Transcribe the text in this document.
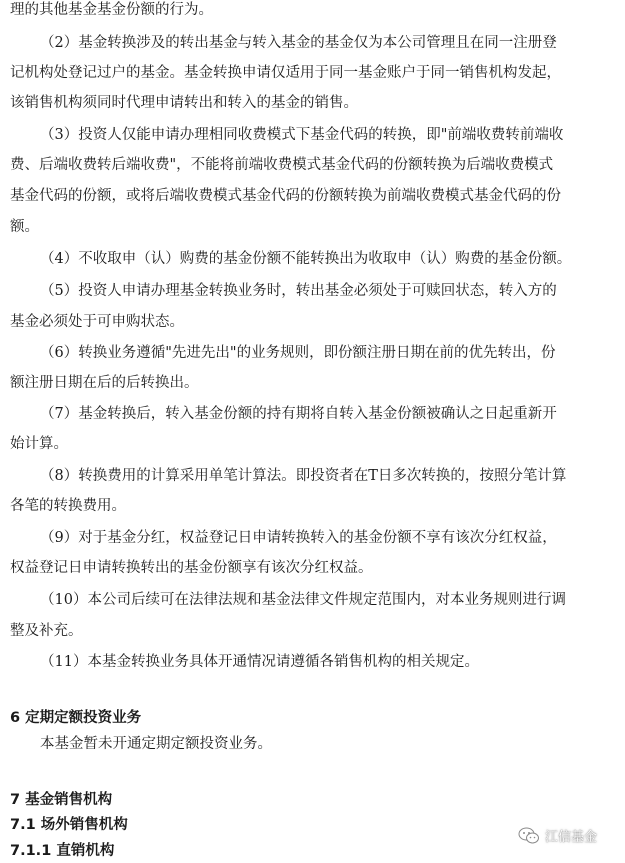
理的其他基金基金份额的行为。
（2）基金转换涉及的转出基金与转入基金的基金仅为本公司管理且在同一注册登
记机构处登记过户的基金。基金转换申请仅适用于同一基金账户于同一销售机构发起，
该销售机构须同时代理申请转出和转入的基金的销售。
（3）投资人仅能申请办理相同收费模式下基金代码的转换，即"前端收费转前端收
费、后端收费转后端收费"，不能将前端收费模式基金代码的份额转换为后端收费模式
基金代码的份额，或将后端收费模式基金代码的份额转换为前端收费模式基金代码的份
额。
（4）不收取申（认）购费的基金份额不能转换出为收取申（认）购费的基金份额。
（5）投资人申请办理基金转换业务时，转出基金必须处于可赎回状态，转入方的
基金必须处于可申购状态。
（6）转换业务遵循"先进先出"的业务规则，即份额注册日期在前的优先转出，份
额注册日期在后的后转换出。
（7）基金转换后，转入基金份额的持有期将自转入基金份额被确认之日起重新开
始计算。
（8）转换费用的计算采用单笔计算法。即投资者在T日多次转换的，按照分笔计算
各笔的转换费用。
（9）对于基金分红，权益登记日申请转换转入的基金份额不享有该次分红权益，
权益登记日申请转换转出的基金份额享有该次分红权益。
（10）本公司后续可在法律法规和基金法律文件规定范围内，对本业务规则进行调
整及补充。
（11）本基金转换业务具体开通情况请遵循各销售机构的相关规定。
6 定期定额投资业务
本基金暂未开通定期定额投资业务。
7 基金销售机构
7.1 场外销售机构
7.1.1 直销机构
江信基金
